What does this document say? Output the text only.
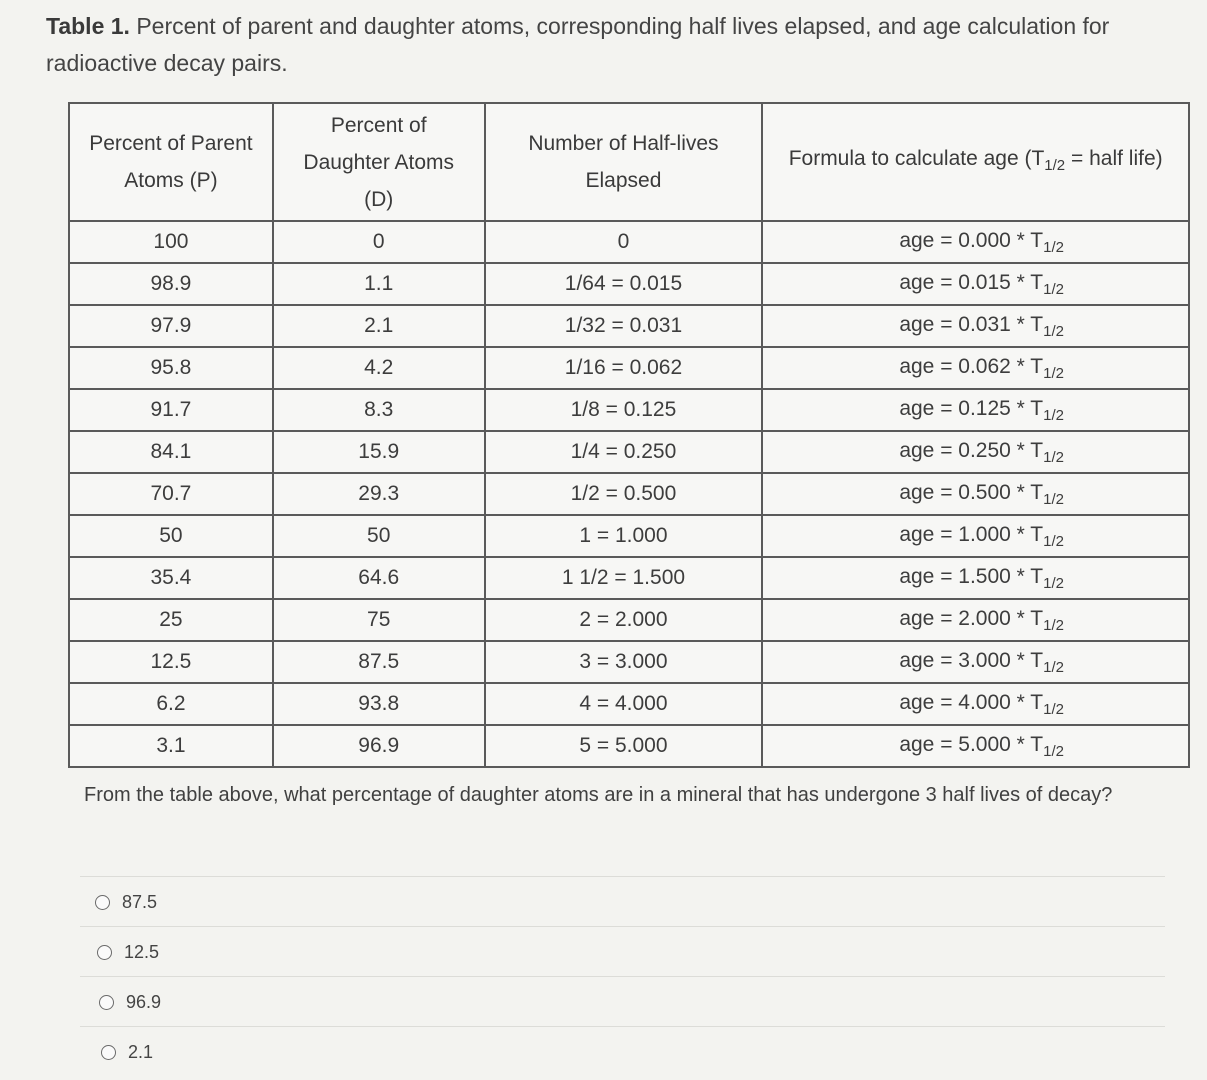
Table 1. Percent of parent and daughter atoms, corresponding half lives elapsed, and age calculation for radioactive decay pairs.
Percent of Parent Atoms (P)	Percent of Daughter Atoms (D)	Number of Half-lives Elapsed	Formula to calculate age ($T_{1/2}$ = half life)
100	0	0	age = $0.000 * T_{1/2}$
98.9	1.1	1/64 = 0.015	age = $0.015 * T_{1/2}$
97.9	2.1	1/32 = 0.031	age = $0.031 * T_{1/2}$
95.8	4.2	1/16 = 0.062	age = $0.062 * T_{1/2}$
91.7	8.3	1/8 = 0.125	age = $0.125 * T_{1/2}$
84.1	15.9	1/4 = 0.250	age = $0.250 * T_{1/2}$
70.7	29.3	1/2 = 0.500	age = $0.500 * T_{1/2}$
50	50	1 = 1.000	age = $1.000 * T_{1/2}$
35.4	64.6	1 1/2 = 1.500	age = $1.500 * T_{1/2}$
25	75	2 = 2.000	age = $2.000 * T_{1/2}$
12.5	87.5	3 = 3.000	age = $3.000 * T_{1/2}$
6.2	93.8	4 = 4.000	age = $4.000 * T_{1/2}$
3.1	96.9	5 = 5.000	age = $5.000 * T_{1/2}$
From the table above, what percentage of daughter atoms are in a mineral that has undergone 3 half lives of decay?
87.5
12.5
96.9
2.1
